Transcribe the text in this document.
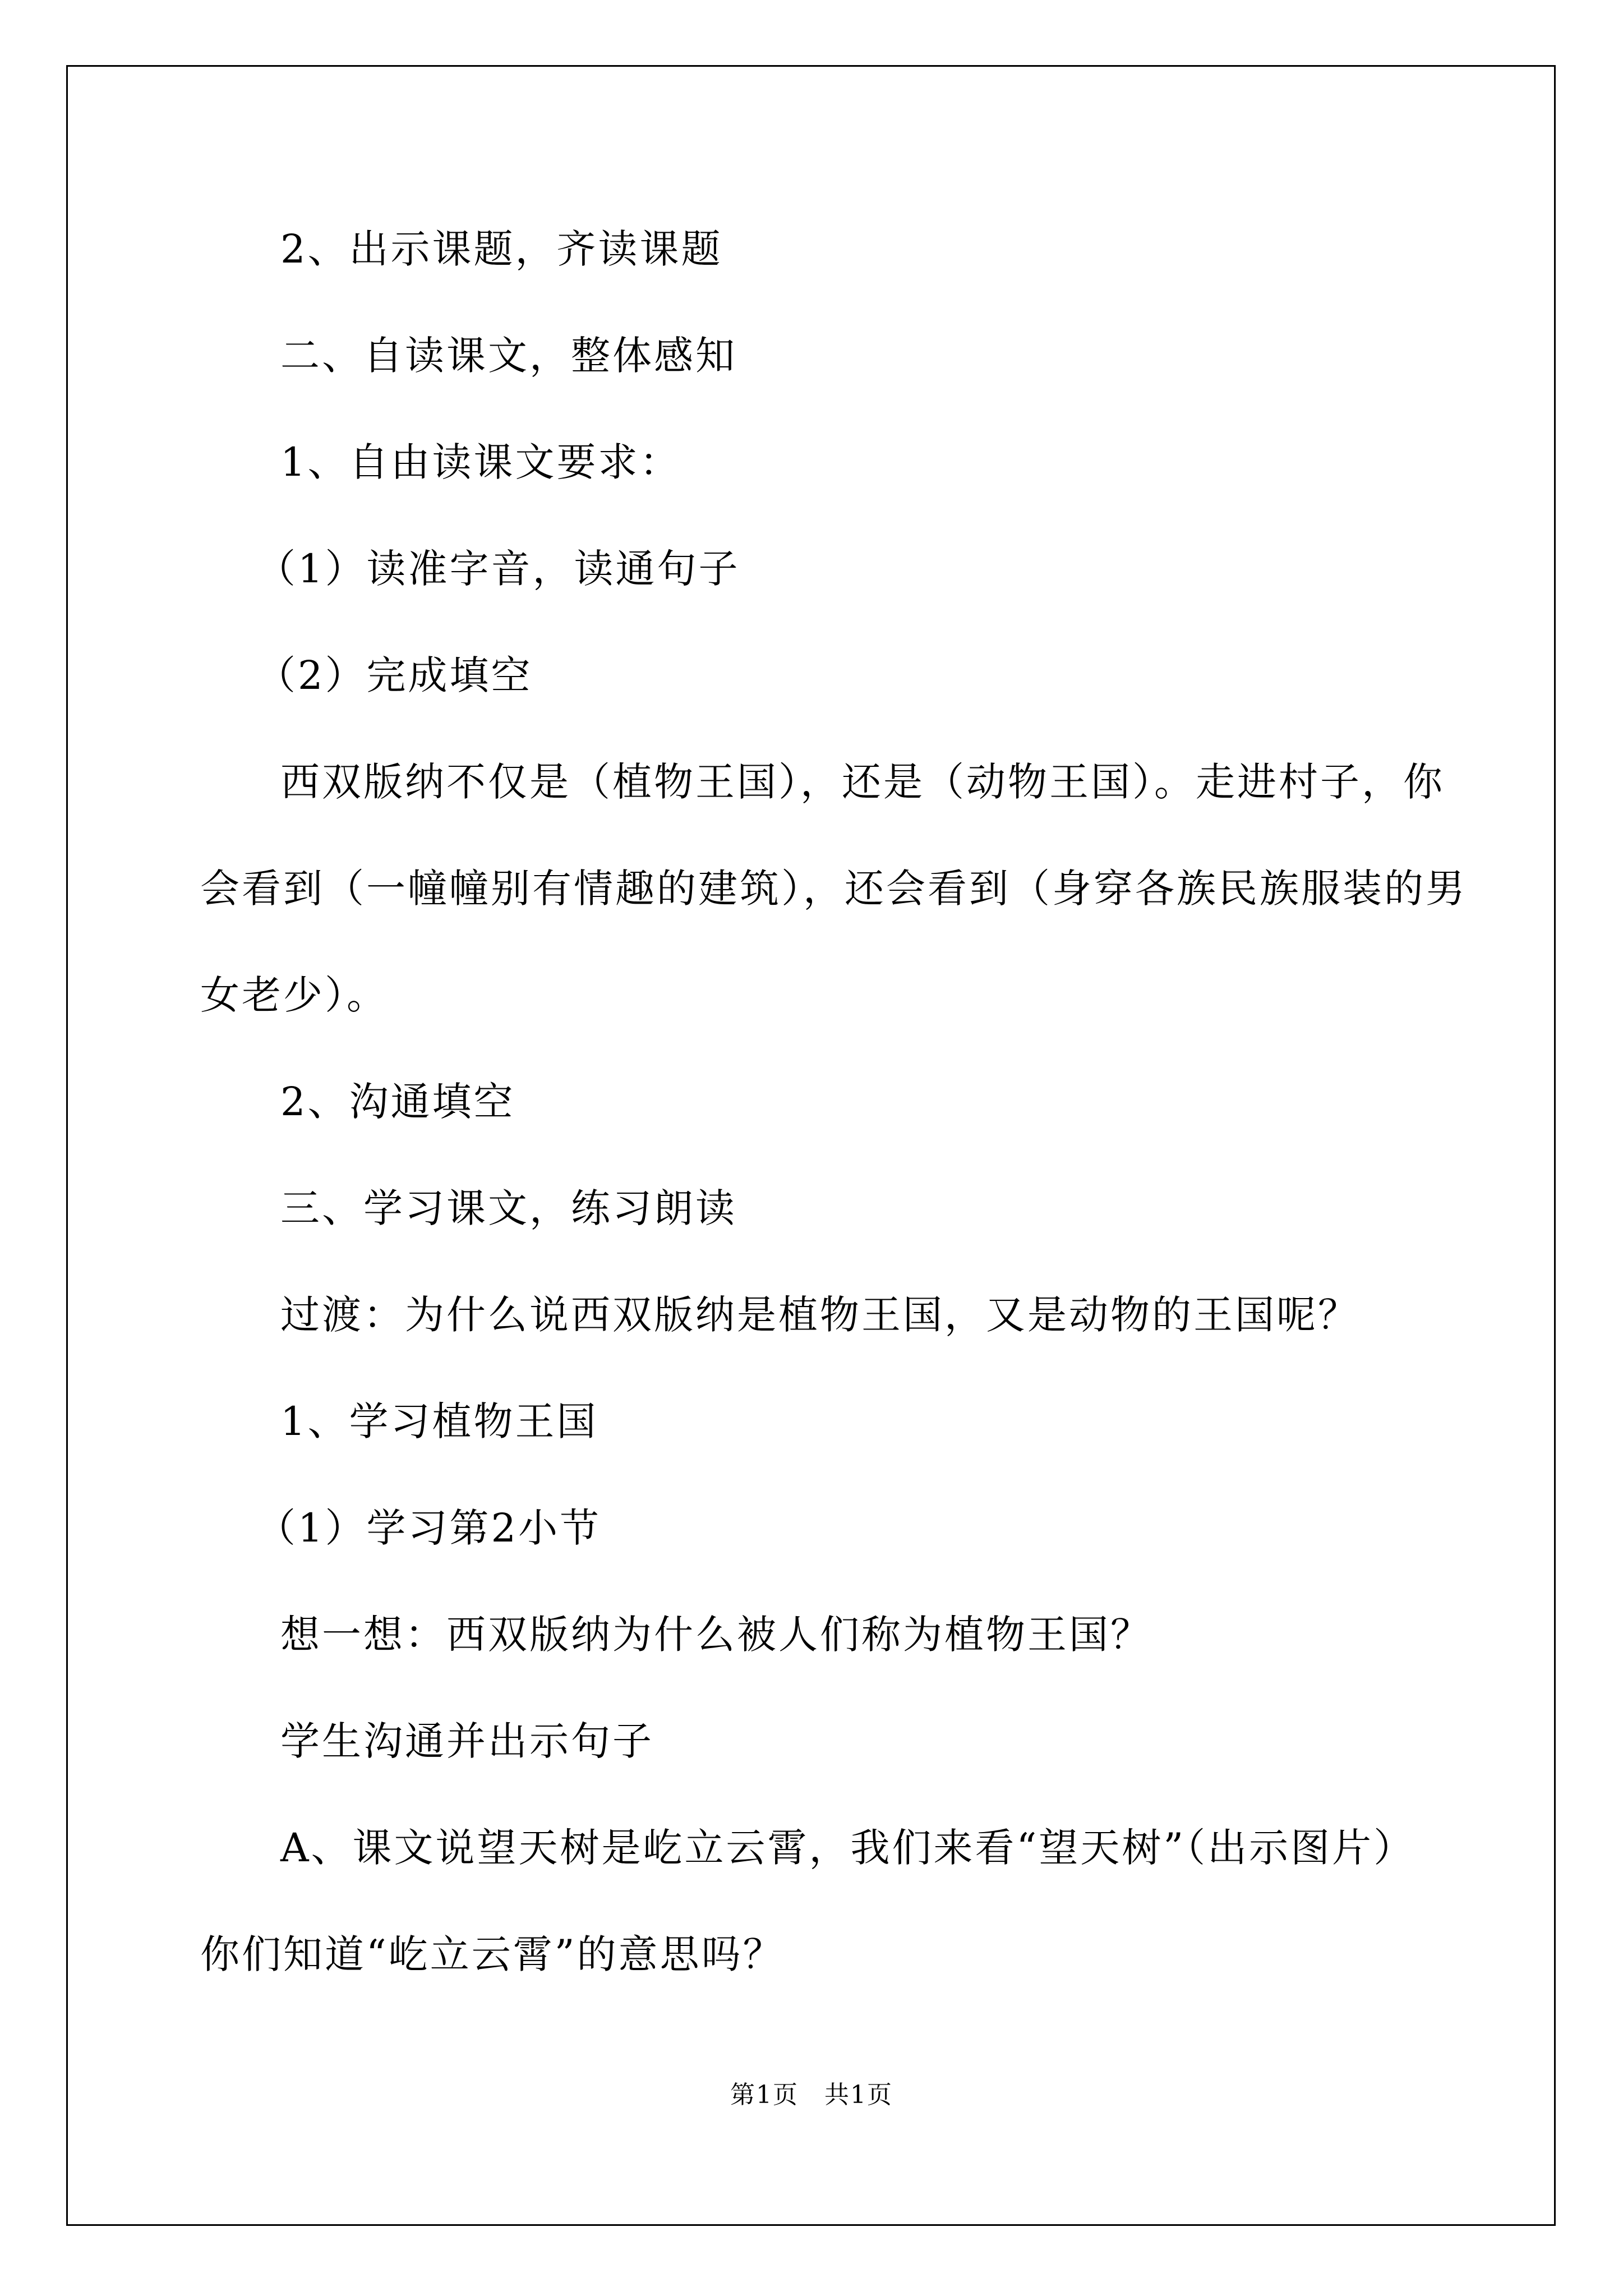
2、出示课题，齐读课题
二、自读课文，整体感知
1、自由读课文要求：
（1）读准字音，读通句子
（2）完成填空
西双版纳不仅是（植物王国），还是（动物王国）。走进村子，你
会看到（一幢幢别有情趣的建筑），还会看到（身穿各族民族服装的男
女老少）。
2、沟通填空
三、学习课文，练习朗读
过渡：为什么说西双版纳是植物王国，又是动物的王国呢？
1、学习植物王国
（1）学习第2小节
想一想：西双版纳为什么被人们称为植物王国？
学生沟通并出示句子
A、课文说望天树是屹立云霄，我们来看“望天树”（出示图片）
你们知道“屹立云霄”的意思吗？
第1页　共1页
